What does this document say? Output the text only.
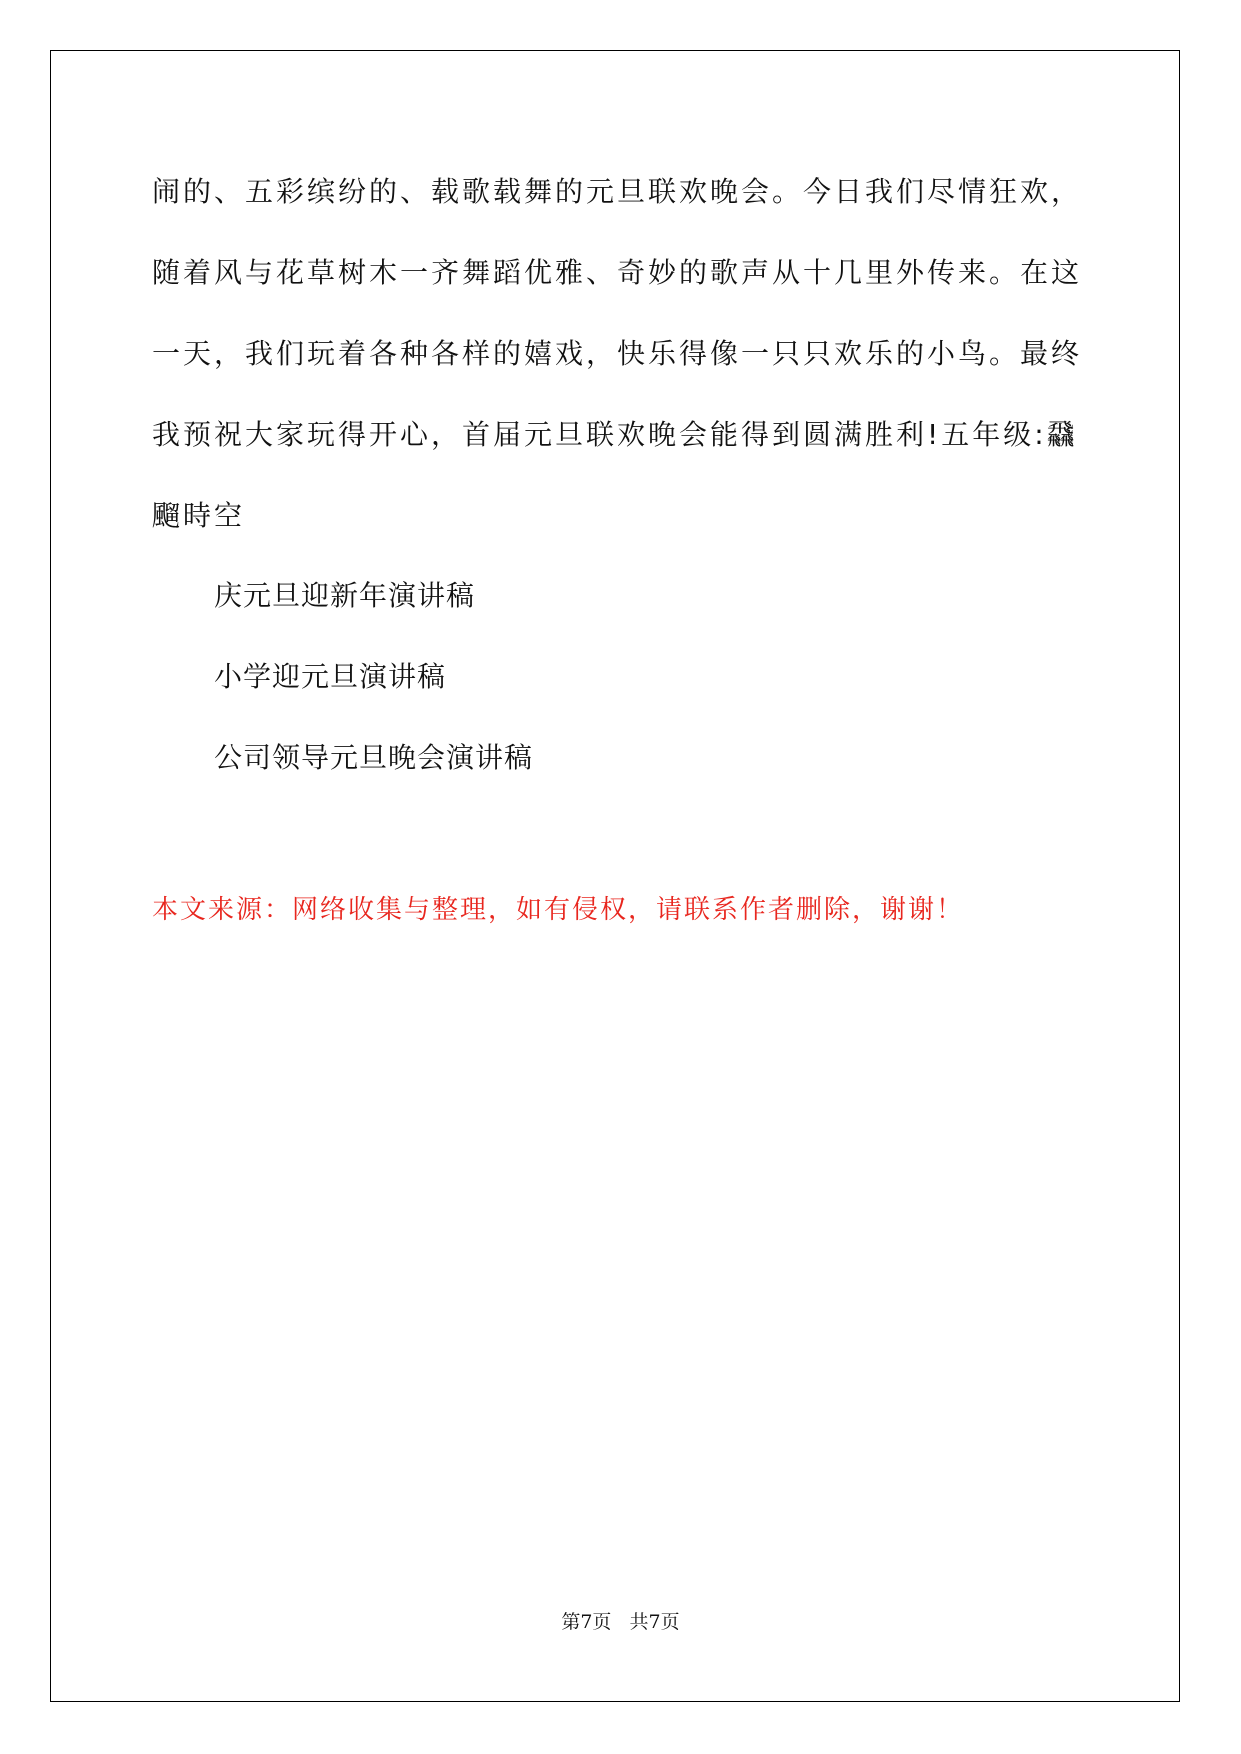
闹的、五彩缤纷的、载歌载舞的元旦联欢晚会。今日我们尽情狂欢，
随着风与花草树木一齐舞蹈优雅、奇妙的歌声从十几里外传来。在这
一天，我们玩着各种各样的嬉戏，快乐得像一只只欢乐的小鸟。最终
我预祝大家玩得开心，首届元旦联欢晚会能得到圆满胜利!五年级:飝
飀時空
庆元旦迎新年演讲稿
小学迎元旦演讲稿
公司领导元旦晚会演讲稿
本文来源：网络收集与整理，如有侵权，请联系作者删除，谢谢！
第7页   共7页
